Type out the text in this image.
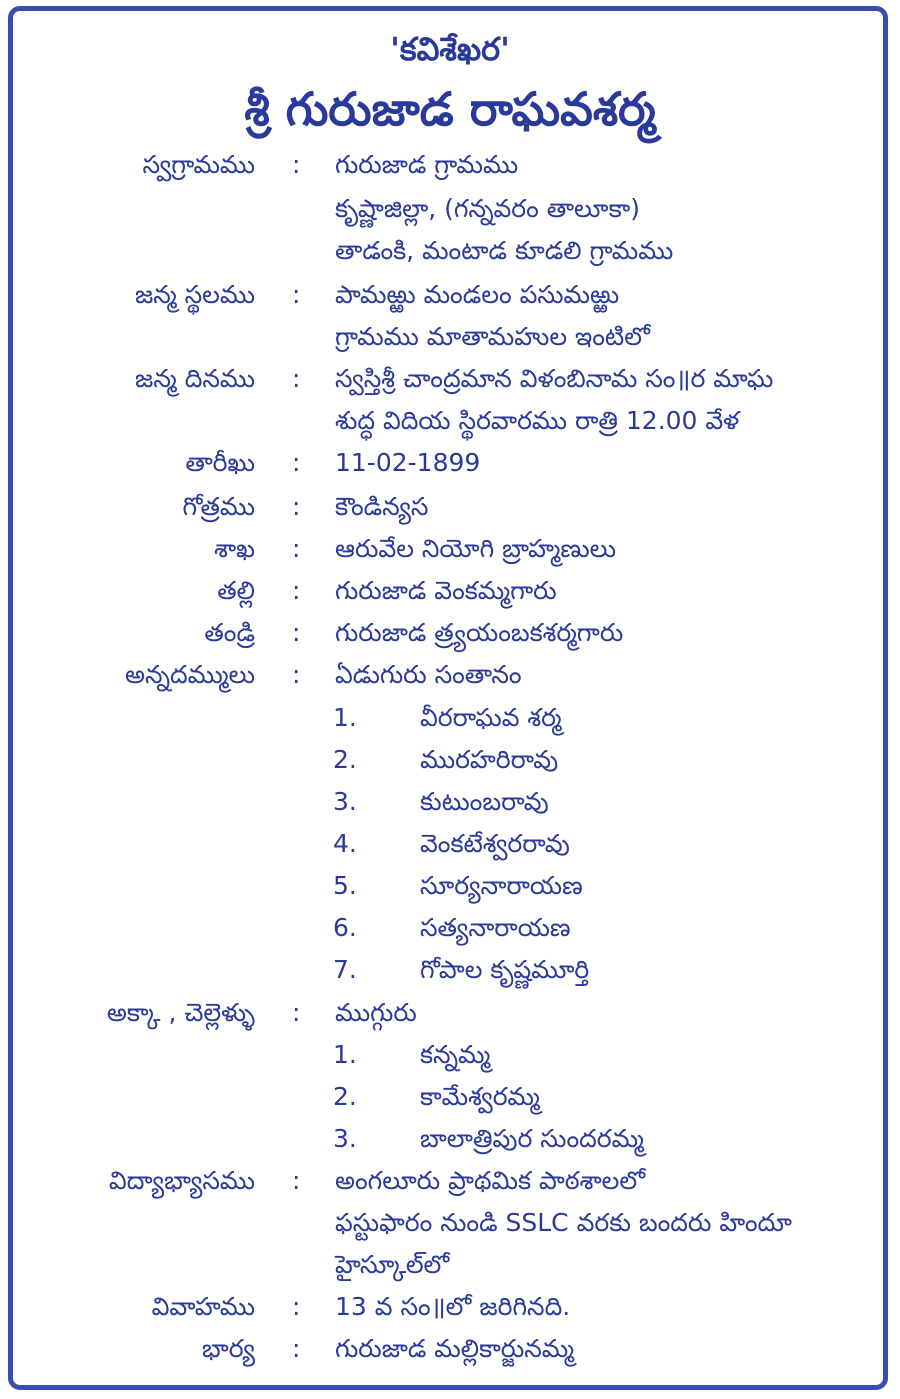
'కవిశేఖర'
శ్రీ గురుజాడ రాఘవశర్మ
స్వగ్రామము : గురుజాడ గ్రామము
కృష్ణాజిల్లా, (గన్నవరం తాలూకా)
తాడంకి, మంటాడ కూడలి గ్రామము
జన్మ స్థలము : పామఱ్ఱు మండలం పసుమఱ్ఱు
గ్రామము మాతామహుల ఇంటిలో
జన్మ దినము : స్వస్తిశ్రీ చాంద్రమాన విళంబినామ సం॥ర మాఘ
శుద్ధ విదియ స్థిరవారము రాత్రి 12.00 వేళ
తారీఖు : 11-02-1899
గోత్రము : కౌండిన్యస
శాఖ : ఆరువేల నియోగి బ్రాహ్మణులు
తల్లి : గురుజాడ వెంకమ్మగారు
తండ్రి : గురుజాడ త్ర్యయంబకశర్మగారు
అన్నదమ్ములు : ఏడుగురు సంతానం
1.	వీరరాఘవ శర్మ
2.	మురహరిరావు
3.	కుటుంబరావు
4.	వెంకటేశ్వరరావు
5.	సూర్యనారాయణ
6.	సత్యనారాయణ
7.	గోపాల కృష్ణమూర్తి
అక్కా , చెల్లెళ్ళు : ముగ్గురు
1.	కన్నమ్మ
2.	కామేశ్వరమ్మ
3.	బాలాత్రిపుర సుందరమ్మ
విద్యాభ్యాసము : అంగలూరు ప్రాథమిక పాఠశాలలో
ఫస్టుఫారం నుండి SSLC వరకు బందరు హిందూ
హైస్కూల్‌లో
వివాహము : 13 వ సం॥లో జరిగినది.
భార్య : గురుజాడ మల్లికార్జునమ్మ
